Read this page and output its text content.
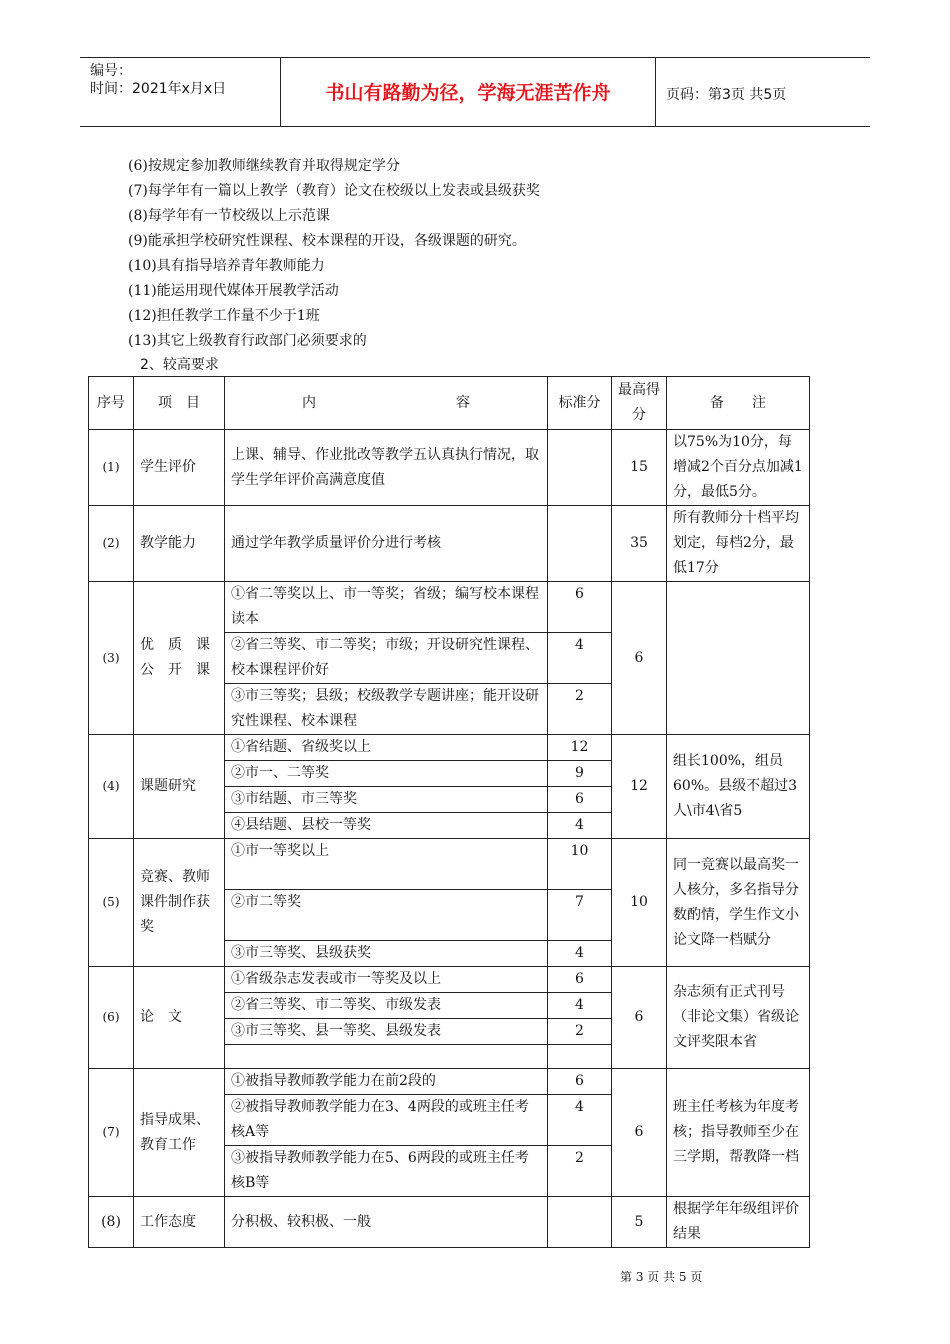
编号：
时间：2021年x月x日	书山有路勤为径，学海无涯苦作舟	页码：第3页 共5页
(6)按规定参加教师继续教育并取得规定学分
(7)每学年有一篇以上教学（教育）论文在校级以上发表或县级获奖
(8)每学年有一节校级以上示范课
(9)能承担学校研究性课程、校本课程的开设，各级课题的研究。
(10)具有指导培养青年教师能力
(11)能运用现代媒体开展教学活动
(12)担任教学工作量不少于1班
(13)其它上级教育行政部门必须要求的
2、较高要求
序号	项　目	内　　　　　　　　　　容	标准分	最高得分	备　　注
(1)	学生评价	上课、辅导、作业批改等教学五认真执行情况，取学生学年评价高满意度值		15	以75%为10分，每增减2个百分点加减1分，最低5分。
(2)	教学能力	通过学年教学质量评价分进行考核		35	所有教师分十档平均划定，每档2分，最低17分
(3)	优　质　课　公　开　课	①省二等奖以上、市一等奖；省级；编写校本课程读本	6	6	
		②省三等奖、市二等奖；市级；开设研究性课程、校本课程评价好	4		
		③市三等奖；县级；校级教学专题讲座；能开设研究性课程、校本课程	2		
(4)	课题研究	①省结题、省级奖以上	12	12	组长100%，组员60%。县级不超过3人\市4\省5
		②市一、二等奖	9		
		③市结题、市三等奖	6		
		④县结题、县校一等奖	4		
(5)	竞赛、教师课件制作获奖	①市一等奖以上	10	10	同一竞赛以最高奖一人核分，多名指导分数酌情，学生作文小论文降一档赋分
		②市二等奖	7		
		③市三等奖、县级获奖	4		
(6)	论　文	①省级杂志发表或市一等奖及以上	6	6	杂志须有正式刊号（非论文集）省级论文评奖限本省
		②省三等奖、市二等奖、市级发表	4		
		③市三等奖、县一等奖、县级发表	2		

(7)	指导成果、教育工作	①被指导教师教学能力在前2段的	6	6	班主任考核为年度考核；指导教师至少在三学期，帮教降一档
		②被指导教师教学能力在3、4两段的或班主任考核A等	4		
		③被指导教师教学能力在5、6两段的或班主任考核B等	2		
(8)	工作态度	分积极、较积极、一般		5	根据学年年级组评价结果
第 3 页 共 5 页
